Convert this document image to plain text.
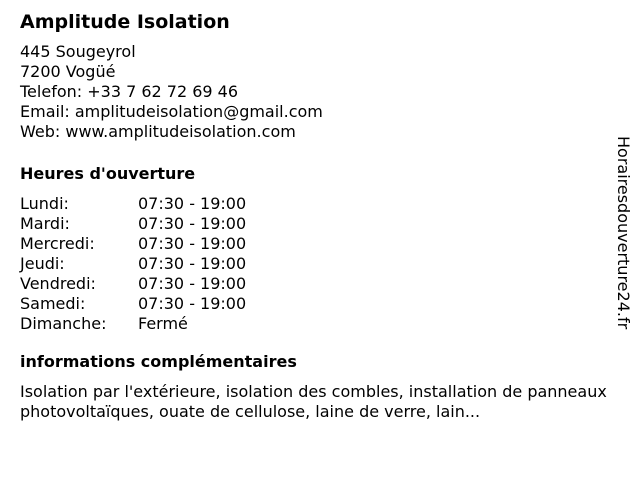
Amplitude Isolation
445 Sougeyrol
7200 Vogüé
Telefon: +33 7 62 72 69 46
Email: amplitudeisolation@gmail.com
Web: www.amplitudeisolation.com
Heures d'ouverture
Lundi:	07:30 - 19:00
Mardi:	07:30 - 19:00
Mercredi:	07:30 - 19:00
Jeudi:	07:30 - 19:00
Vendredi:	07:30 - 19:00
Samedi:	07:30 - 19:00
Dimanche:	Fermé
informations complémentaires
Isolation par l'extérieure, isolation des combles, installation de panneaux photovoltaïques, ouate de cellulose, laine de verre, lain...
Horairesdouverture24.fr
